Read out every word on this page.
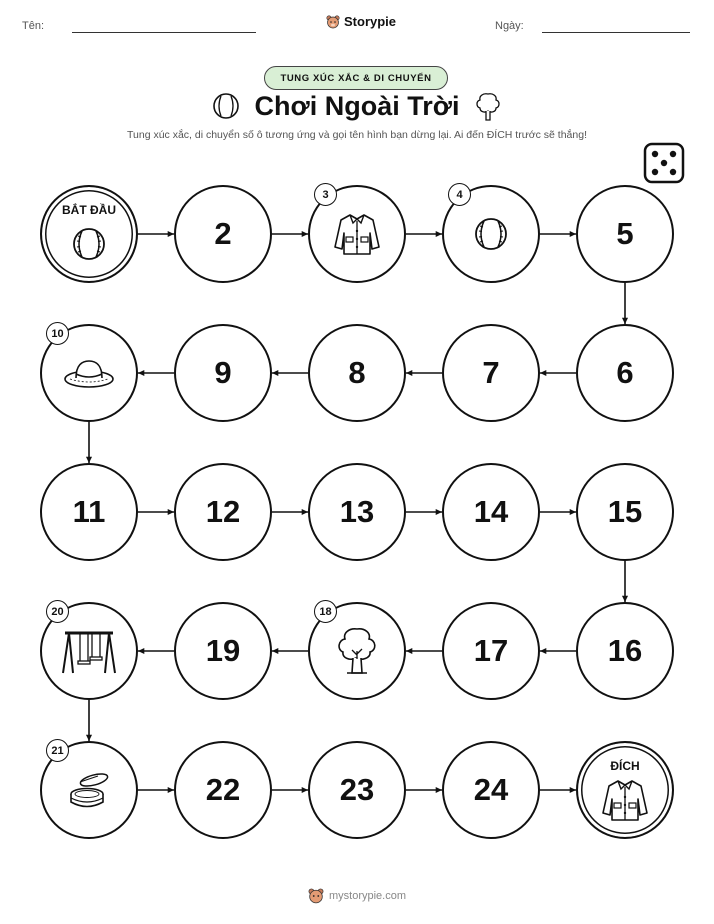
Tên:	Storypie	Ngày:
TUNG XÚC XẮC & DI CHUYỂN
Chơi Ngoài Trời
Tung xúc xắc, di chuyển số ô tương ứng và gọi tên hình bạn dừng lại. Ai đến ĐÍCH trước sẽ thắng!
BẮT ĐẦU
2
3	4
5
6
7
8
9
10
11	12	13	14	15
16
17
18
19
20
21
22	23	24
ĐÍCH
mystorypie.com
